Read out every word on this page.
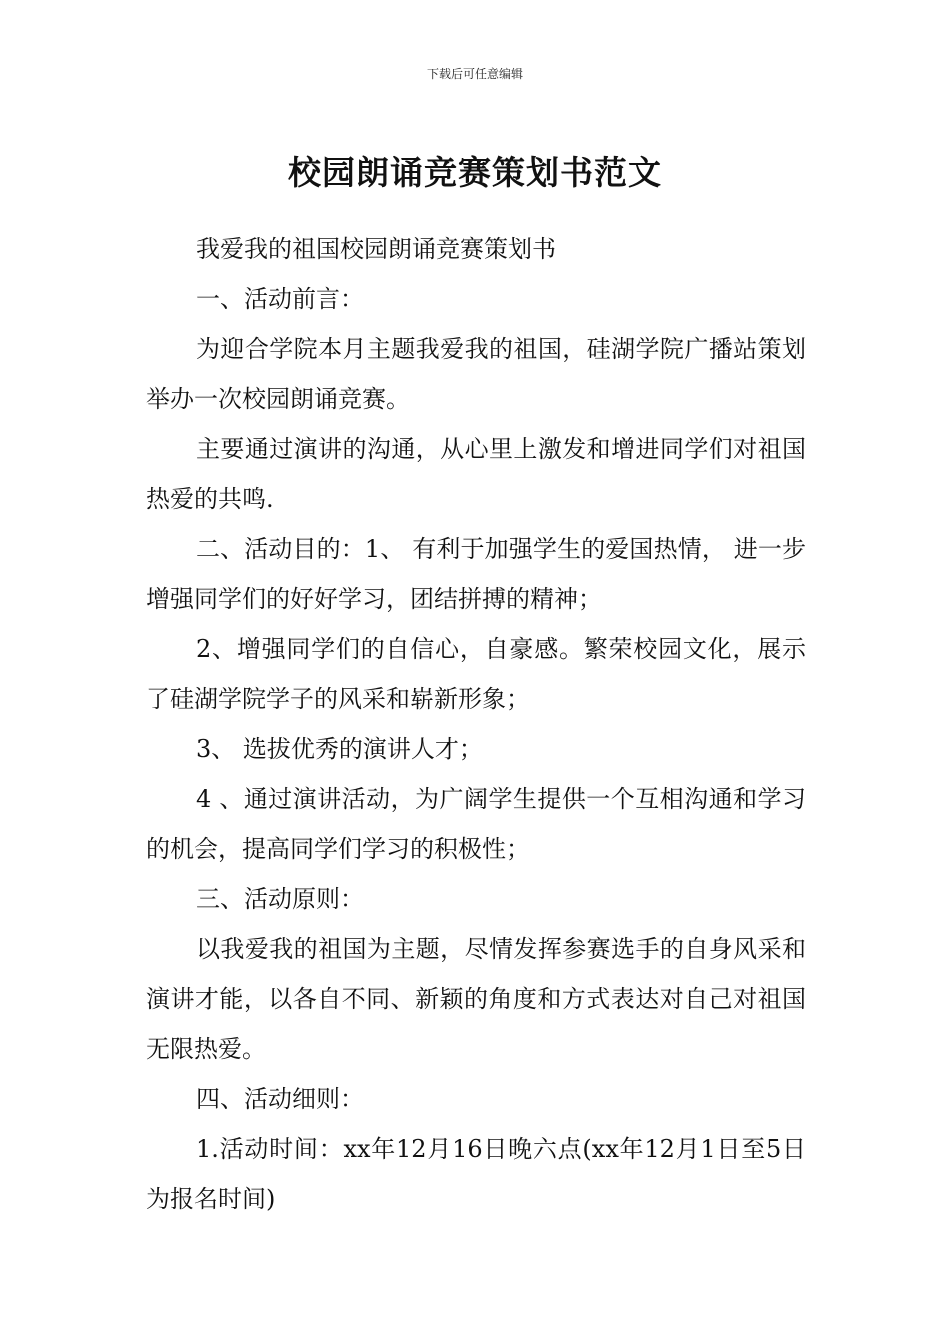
下载后可任意编辑
校园朗诵竞赛策划书范文

我爱我的祖国校园朗诵竞赛策划书

一、活动前言：

为迎合学院本月主题我爱我的祖国，硅湖学院广播站策划举办一次校园朗诵竞赛。

主要通过演讲的沟通，从心里上激发和增进同学们对祖国热爱的共鸣.

二、活动目的：1、 有利于加强学生的爱国热情， 进一步增强同学们的好好学习，团结拼搏的精神；

2、增强同学们的自信心，自豪感。繁荣校园文化，展示了硅湖学院学子的风采和崭新形象；

3、 选拔优秀的演讲人才；

4 、通过演讲活动，为广阔学生提供一个互相沟通和学习的机会，提高同学们学习的积极性；

三、活动原则：

以我爱我的祖国为主题，尽情发挥参赛选手的自身风采和演讲才能，以各自不同、新颖的角度和方式表达对自己对祖国无限热爱。

四、活动细则：

1.活动时间：xx年12月16日晚六点(xx年12月1日至5日为报名时间)
